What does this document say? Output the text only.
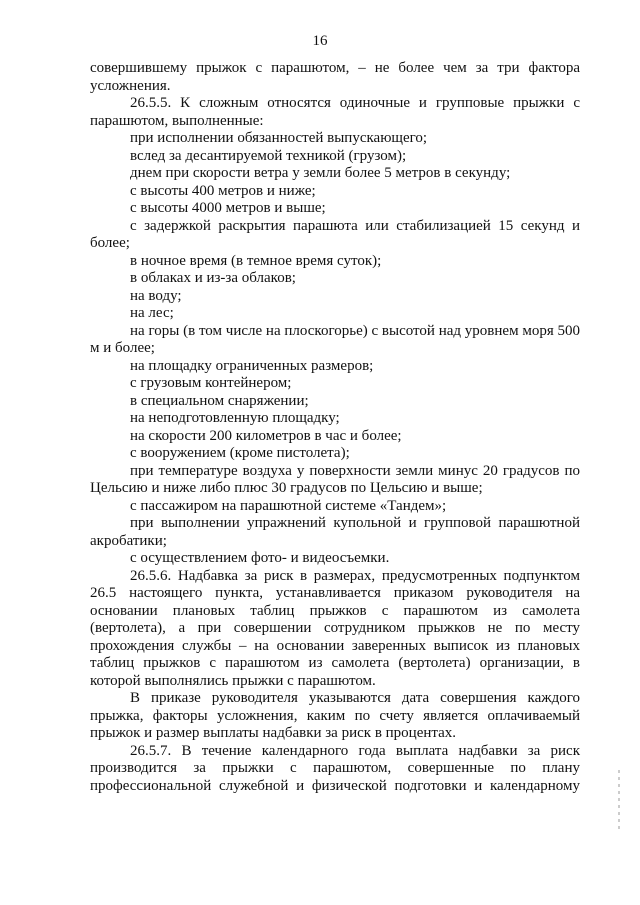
16

совершившему прыжок с парашютом, – не более чем за три фактора усложнения.

26.5.5. К сложным относятся одиночные и групповые прыжки с парашютом, выполненные:

при исполнении обязанностей выпускающего;

вслед за десантируемой техникой (грузом);

днем при скорости ветра у земли более 5 метров в секунду;

с высоты 400 метров и ниже;

с высоты 4000 метров и выше;

с задержкой раскрытия парашюта или стабилизацией 15 секунд и более;

в ночное время (в темное время суток);

в облаках и из-за облаков;

на воду;

на лес;

на горы (в том числе на плоскогорье) с высотой над уровнем моря 500 м и более;

на площадку ограниченных размеров;

с грузовым контейнером;

в специальном снаряжении;

на неподготовленную площадку;

на скорости 200 километров в час и более;

с вооружением (кроме пистолета);

при температуре воздуха у поверхности земли минус 20 градусов по Цельсию и ниже либо плюс 30 градусов по Цельсию и выше;

с пассажиром на парашютной системе «Тандем»;

при выполнении упражнений купольной и групповой парашютной акробатики;

с осуществлением фото- и видеосъемки.

26.5.6. Надбавка за риск в размерах, предусмотренных подпунктом 26.5 настоящего пункта, устанавливается приказом руководителя на основании плановых таблиц прыжков с парашютом из самолета (вертолета), а при совершении сотрудником прыжков не по месту прохождения службы – на основании заверенных выписок из плановых таблиц прыжков с парашютом из самолета (вертолета) организации, в которой выполнялись прыжки с парашютом.

В приказе руководителя указываются дата совершения каждого прыжка, факторы усложнения, каким по счету является оплачиваемый прыжок и размер выплаты надбавки за риск в процентах.

26.5.7. В течение календарного года выплата надбавки за риск производится за прыжки с парашютом, совершенные по плану профессиональной служебной и физической подготовки и календарному
